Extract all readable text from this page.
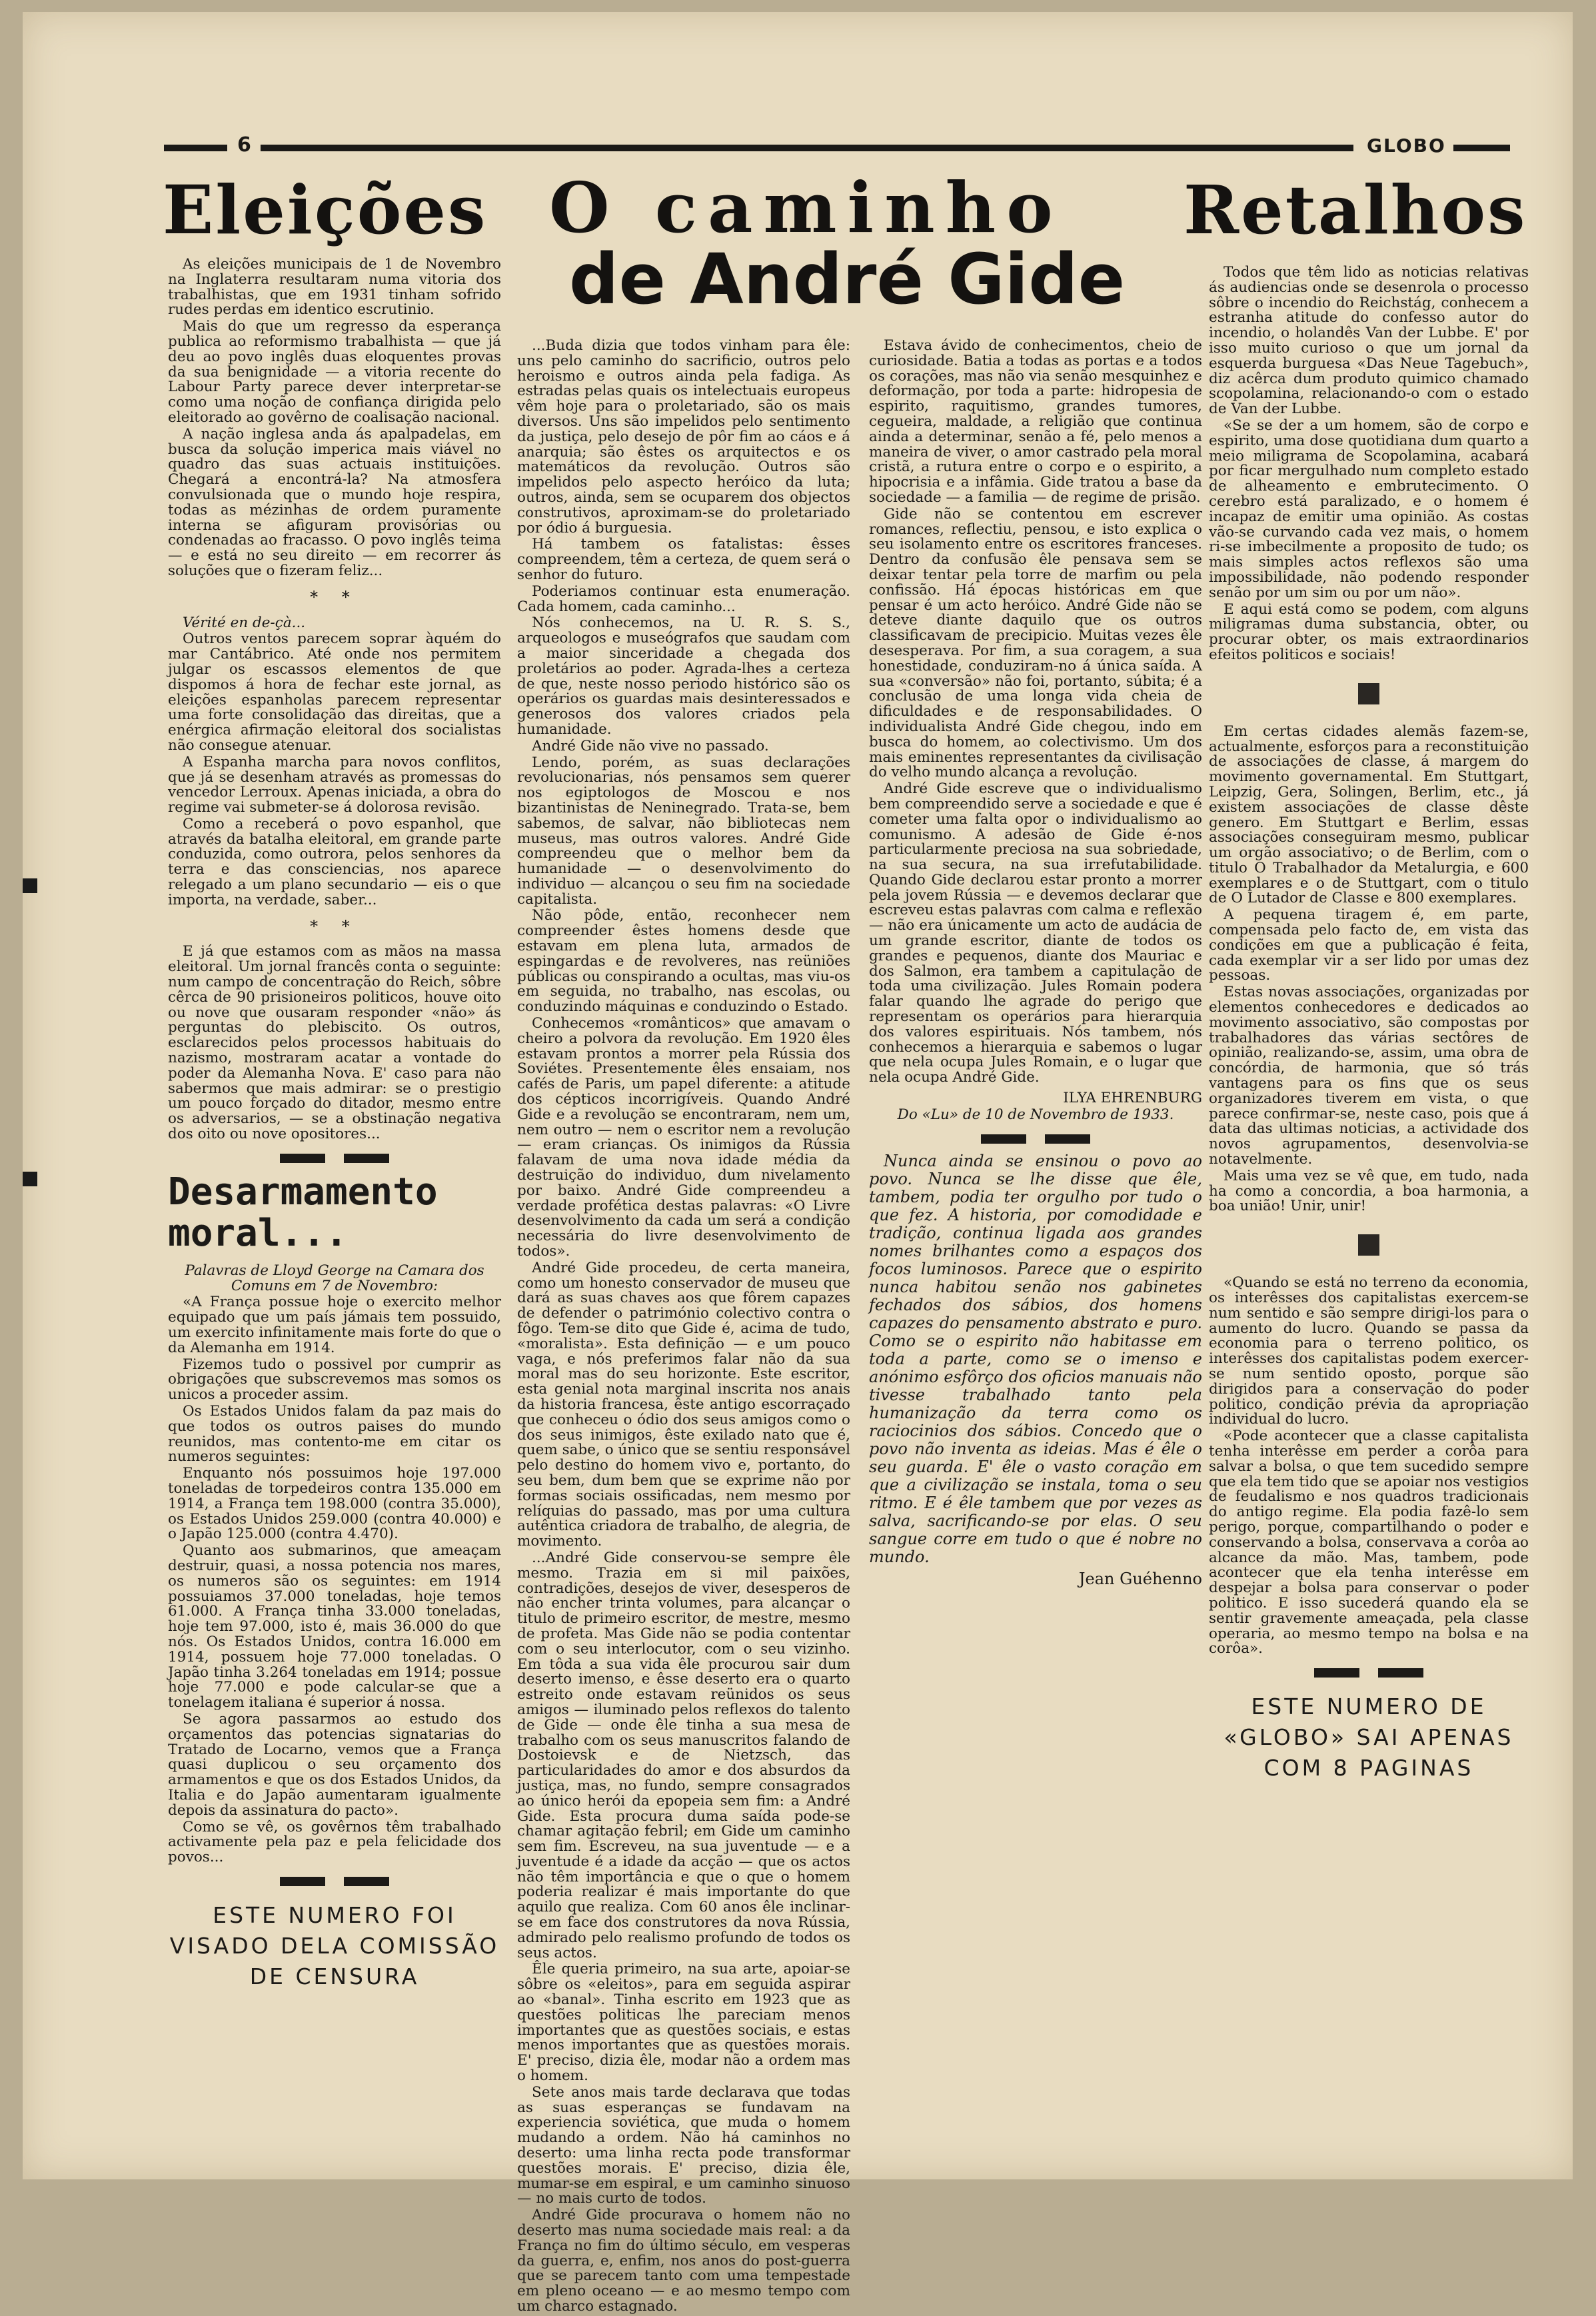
6	GLOBO
Eleições O caminho
de André Gide
Retalhos

As eleições municipais de 1 de Novembro na Inglaterra resultaram numa vitoria dos trabalhistas, que em 1931 tinham sofrido rudes perdas em identico escrutinio.

Mais do que um regresso da esperança publica ao reformismo trabalhista — que já deu ao povo inglês duas eloquentes provas da sua benignidade — a vitoria recente do Labour Party parece dever interpretar-se como uma noção de confiança dirigida pelo eleitorado ao govêrno de coalisação nacional.

A nação inglesa anda ás apalpadelas, em busca da solução imperica mais viável no quadro das suas actuais instituições. Chegará a encontrá-la? Na atmosfera convulsionada que o mundo hoje respira, todas as mézinhas de ordem puramente interna se afiguram provisórias ou condenadas ao fracasso. O povo inglês teima — e está no seu direito — em recorrer ás soluções que o fizeram feliz...

* *

Vérité en de-çà...

Outros ventos parecem soprar àquém do mar Cantábrico. Até onde nos permitem julgar os escassos elementos de que dispomos á hora de fechar este jornal, as eleições espanholas parecem representar uma forte consolidação das direitas, que a enérgica afirmação eleitoral dos socialistas não consegue atenuar.

A Espanha marcha para novos conflitos, que já se desenham através as promessas do vencedor Lerroux. Apenas iniciada, a obra do regime vai submeter-se á dolorosa revisão.

Como a receberá o povo espanhol, que através da batalha eleitoral, em grande parte conduzida, como outrora, pelos senhores da terra e das consciencias, nos aparece relegado a um plano secundario — eis o que importa, na verdade, saber...

* *

E já que estamos com as mãos na massa eleitoral. Um jornal francês conta o seguinte: num campo de concentração do Reich, sôbre cêrca de 90 prisioneiros politicos, houve oito ou nove que ousaram responder «não» ás perguntas do plebiscito. Os outros, esclarecidos pelos processos habituais do nazismo, mostraram acatar a vontade do poder da Alemanha Nova. E' caso para não sabermos que mais admirar: se o prestigio um pouco forçado do ditador, mesmo entre os adversarios, — se a obstinação negativa dos oito ou nove opositores...

Desarmamento moral...

Palavras de Lloyd George na Camara dos Comuns em 7 de Novembro:

«A França possue hoje o exercito melhor equipado que um país jámais tem possuido, um exercito infinitamente mais forte do que o da Alemanha em 1914.

Fizemos tudo o possivel por cumprir as obrigações que subscrevemos mas somos os unicos a proceder assim.

Os Estados Unidos falam da paz mais do que todos os outros paises do mundo reunidos, mas contento-me em citar os numeros seguintes:

Enquanto nós possuimos hoje 197.000 toneladas de torpedeiros contra 135.000 em 1914, a França tem 198.000 (contra 35.000), os Estados Unidos 259.000 (contra 40.000) e o Japão 125.000 (contra 4.470).

Quanto aos submarinos, que ameaçam destruir, quasi, a nossa potencia nos mares, os numeros são os seguintes: em 1914 possuiamos 37.000 toneladas, hoje temos 61.000. A França tinha 33.000 toneladas, hoje tem 97.000, isto é, mais 36.000 do que nós. Os Estados Unidos, contra 16.000 em 1914, possuem hoje 77.000 toneladas. O Japão tinha 3.264 toneladas em 1914; possue hoje 77.000 e pode calcular-se que a tonelagem italiana é superior á nossa.

Se agora passarmos ao estudo dos orçamentos das potencias signatarias do Tratado de Locarno, vemos que a França quasi duplicou o seu orçamento dos armamentos e que os dos Estados Unidos, da Italia e do Japão aumentaram igualmente depois da assinatura do pacto».

Como se vê, os govêrnos têm trabalhado activamente pela paz e pela felicidade dos povos...

ESTE NUMERO FOI VISADO DELA COMISSÃO DE CENSURA

...Buda dizia que todos vinham para êle: uns pelo caminho do sacrificio, outros pelo heroismo e outros ainda pela fadiga. As estradas pelas quais os intelectuais europeus vêm hoje para o proletariado, são os mais diversos. Uns são impelidos pelo sentimento da justiça, pelo desejo de pôr fim ao cáos e á anarquia; são êstes os arquitectos e os matemáticos da revolução. Outros são impelidos pelo aspecto heróico da luta; outros, ainda, sem se ocuparem dos objectos construtivos, aproximam-se do proletariado por ódio á burguesia.

Há tambem os fatalistas: êsses compreendem, têm a certeza, de quem será o senhor do futuro.

Poderiamos continuar esta enumeração. Cada homem, cada caminho...

Nós conhecemos, na U. R. S. S., arqueologos e museógrafos que saudam com a maior sinceridade a chegada dos proletários ao poder. Agrada-lhes a certeza de que, neste nosso periodo histórico são os operários os guardas mais desinteressados e generosos dos valores criados pela humanidade.

André Gide não vive no passado.

Lendo, porém, as suas declarações revolucionarias, nós pensamos sem querer nos egiptologos de Moscou e nos bizantinistas de Neninegrado. Trata-se, bem sabemos, de salvar, não bibliotecas nem museus, mas outros valores. André Gide compreendeu que o melhor bem da humanidade — o desenvolvimento do individuo — alcançou o seu fim na sociedade capitalista.

Não pôde, então, reconhecer nem compreender êstes homens desde que estavam em plena luta, armados de espingardas e de revolveres, nas reüniões públicas ou conspirando a ocultas, mas viu-os em seguida, no trabalho, nas escolas, ou conduzindo máquinas e conduzindo o Estado.

Conhecemos «românticos» que amavam o cheiro a polvora da revolução. Em 1920 êles estavam prontos a morrer pela Rússia dos Soviétes. Presentemente êles ensaiam, nos cafés de Paris, um papel diferente: a atitude dos cépticos incorrigíveis. Quando André Gide e a revolução se encontraram, nem um, nem outro — nem o escritor nem a revolução — eram crianças. Os inimigos da Rússia falavam de uma nova idade média da destruição do individuo, dum nivelamento por baixo. André Gide compreendeu a verdade profética destas palavras: «O Livre desenvolvimento da cada um será a condição necessária do livre desenvolvimento de todos».

André Gide procedeu, de certa maneira, como um honesto conservador de museu que dará as suas chaves aos que fôrem capazes de defender o património colectivo contra o fôgo. Tem-se dito que Gide é, acima de tudo, «moralista». Esta definição — e um pouco vaga, e nós preferimos falar não da sua moral mas do seu horizonte. Este escritor, esta genial nota marginal inscrita nos anais da historia francesa, êste antigo escorraçado que conheceu o ódio dos seus amigos como o dos seus inimigos, êste exilado nato que é, quem sabe, o único que se sentiu responsável pelo destino do homem vivo e, portanto, do seu bem, dum bem que se exprime não por formas sociais ossificadas, nem mesmo por relíquias do passado, mas por uma cultura autêntica criadora de trabalho, de alegria, de movimento.

...André Gide conservou-se sempre êle mesmo. Trazia em si mil paixões, contradições, desejos de viver, desesperos de não encher trinta volumes, para alcançar o titulo de primeiro escritor, de mestre, mesmo de profeta. Mas Gide não se podia contentar com o seu interlocutor, com o seu vizinho. Em tôda a sua vida êle procurou sair dum deserto imenso, e êsse deserto era o quarto estreito onde estavam reünidos os seus amigos — iluminado pelos reflexos do talento de Gide — onde êle tinha a sua mesa de trabalho com os seus manuscritos falando de Dostoievsk e de Nietzsch, das particularidades do amor e dos absurdos da justiça, mas, no fundo, sempre consagrados ao único herói da epopeia sem fim: a André Gide. Esta procura duma saída pode-se chamar agitação febril; em Gide um caminho sem fim. Escreveu, na sua juventude — e a juventude é a idade da acção — que os actos não têm importância e que o que o homem poderia realizar é mais importante do que aquilo que realiza. Com 60 anos êle inclinar-se em face dos construtores da nova Rússia, admirado pelo realismo profundo de todos os seus actos.

Êle queria primeiro, na sua arte, apoiar-se sôbre os «eleitos», para em seguida aspirar ao «banal». Tinha escrito em 1923 que as questões politicas lhe pareciam menos importantes que as questões sociais, e estas menos importantes que as questões morais. E' preciso, dizia êle, modar não a ordem mas o homem.

Sete anos mais tarde declarava que todas as suas esperanças se fundavam na experiencia soviética, que muda o homem mudando a ordem. Não há caminhos no deserto: uma linha recta pode transformar questões morais. E' preciso, dizia êle, mumar-se em espiral, e um caminho sinuoso — no mais curto de todos.

André Gide procurava o homem não no deserto mas numa sociedade mais real: a da França no fim do último século, em vesperas da guerra, e, enfim, nos anos do post-guerra que se parecem tanto com uma tempestade em pleno oceano — e ao mesmo tempo com um charco estagnado.

Estava ávido de conhecimentos, cheio de curiosidade. Batia a todas as portas e a todos os corações, mas não via senão mesquinhez e deformação, por toda a parte: hidropesia de espirito, raquitismo, grandes tumores, cegueira, maldade, a religião que continua ainda a determinar, senão a fé, pelo menos a maneira de viver, o amor castrado pela moral cristã, a rutura entre o corpo e o espirito, a hipocrisia e a infâmia. Gide tratou a base da sociedade — a familia — de regime de prisão.

Gide não se contentou em escrever romances, reflectiu, pensou, e isto explica o seu isolamento entre os escritores franceses. Dentro da confusão êle pensava sem se deixar tentar pela torre de marfim ou pela confissão. Há épocas históricas em que pensar é um acto heróico. André Gide não se deteve diante daquilo que os outros classificavam de precipicio. Muitas vezes êle desesperava. Por fim, a sua coragem, a sua honestidade, conduziram-no á única saída. A sua «conversão» não foi, portanto, súbita; é a conclusão de uma longa vida cheia de dificuldades e de responsabilidades. O individualista André Gide chegou, indo em busca do homem, ao colectivismo. Um dos mais eminentes representantes da civilisação do velho mundo alcança a revolução.

André Gide escreve que o individualismo bem compreendido serve a sociedade e que é cometer uma falta opor o individualismo ao comunismo. A adesão de Gide é-nos particularmente preciosa na sua sobriedade, na sua secura, na sua irrefutabilidade. Quando Gide declarou estar pronto a morrer pela jovem Rússia — e devemos declarar que escreveu estas palavras com calma e reflexão — não era únicamente um acto de audácia de um grande escritor, diante de todos os grandes e pequenos, diante dos Mauriac e dos Salmon, era tambem a capitulação de toda uma civilização. Jules Romain podera falar quando lhe agrade do perigo que representam os operários para hierarquia dos valores espirituais. Nós tambem, nós conhecemos a hierarquia e sabemos o lugar que nela ocupa Jules Romain, e o lugar que nela ocupa André Gide.

ILYA EHRENBURG

Do «Lu» de 10 de Novembro de 1933.

Nunca ainda se ensinou o povo ao povo. Nunca se lhe disse que êle, tambem, podia ter orgulho por tudo o que fez. A historia, por comodidade e tradição, continua ligada aos grandes nomes brilhantes como a espaços dos focos luminosos. Parece que o espirito nunca habitou senão nos gabinetes fechados dos sábios, dos homens capazes do pensamento abstrato e puro. Como se o espirito não habitasse em toda a parte, como se o imenso e anónimo esfôrço dos oficios manuais não tivesse trabalhado tanto pela humanização da terra como os raciocinios dos sábios. Concedo que o povo não inventa as ideias. Mas é êle o seu guarda. E' êle o vasto coração em que a civilização se instala, toma o seu ritmo. E é êle tambem que por vezes as salva, sacrificando-se por elas. O seu sangue corre em tudo o que é nobre no mundo.

Jean Guéhenno

Todos que têm lido as noticias relativas ás audiencias onde se desenrola o processo sôbre o incendio do Reichstág, conhecem a estranha atitude do confesso autor do incendio, o holandês Van der Lubbe. E' por isso muito curioso o que um jornal da esquerda burguesa «Das Neue Tagebuch», diz acêrca dum produto quimico chamado scopolamina, relacionando-o com o estado de Van der Lubbe.

«Se se der a um homem, são de corpo e espirito, uma dose quotidiana dum quarto a meio miligrama de Scopolamina, acabará por ficar mergulhado num completo estado de alheamento e embrutecimento. O cerebro está paralizado, e o homem é incapaz de emitir uma opinião. As costas vão-se curvando cada vez mais, o homem ri-se imbecilmente a proposito de tudo; os mais simples actos reflexos são uma impossibilidade, não podendo responder senão por um sim ou por um não».

E aqui está como se podem, com alguns miligramas duma substancia, obter, ou procurar obter, os mais extraordinarios efeitos politicos e sociais!

Em certas cidades alemãs fazem-se, actualmente, esforços para a reconstituição de associações de classe, á margem do movimento governamental. Em Stuttgart, Leipzig, Gera, Solingen, Berlim, etc., já existem associações de classe dêste genero. Em Stuttgart e Berlim, essas associações conseguiram mesmo, publicar um orgão associativo; o de Berlim, com o titulo O Trabalhador da Metalurgia, e 600 exemplares e o de Stuttgart, com o titulo de O Lutador de Classe e 800 exemplares.

A pequena tiragem é, em parte, compensada pelo facto de, em vista das condições em que a publicação é feita, cada exemplar vir a ser lido por umas dez pessoas.

Estas novas associações, organizadas por elementos conhecedores e dedicados ao movimento associativo, são compostas por trabalhadores das várias sectôres de opinião, realizando-se, assim, uma obra de concórdia, de harmonia, que só trás vantagens para os fins que os seus organizadores tiverem em vista, o que parece confirmar-se, neste caso, pois que á data das ultimas noticias, a actividade dos novos agrupamentos, desenvolvia-se notavelmente.

Mais uma vez se vê que, em tudo, nada ha como a concordia, a boa harmonia, a boa união! Unir, unir!

«Quando se está no terreno da economia, os interêsses dos capitalistas exercem-se num sentido e são sempre dirigi-los para o aumento do lucro. Quando se passa da economia para o terreno politico, os interêsses dos capitalistas podem exercer-se num sentido oposto, porque são dirigidos para a conservação do poder politico, condição prévia da apropriação individual do lucro.

«Pode acontecer que a classe capitalista tenha interêsse em perder a corôa para salvar a bolsa, o que tem sucedido sempre que ela tem tido que se apoiar nos vestigios de feudalismo e nos quadros tradicionais do antigo regime. Ela podia fazê-lo sem perigo, porque, compartilhando o poder e conservando a bolsa, conservava a corôa ao alcance da mão. Mas, tambem, pode acontecer que ela tenha interêsse em despejar a bolsa para conservar o poder politico. E isso sucederá quando ela se sentir gravemente ameaçada, pela classe operaria, ao mesmo tempo na bolsa e na corôa».

ESTE NUMERO DE «GLOBO» SAI APENAS COM 8 PAGINAS
